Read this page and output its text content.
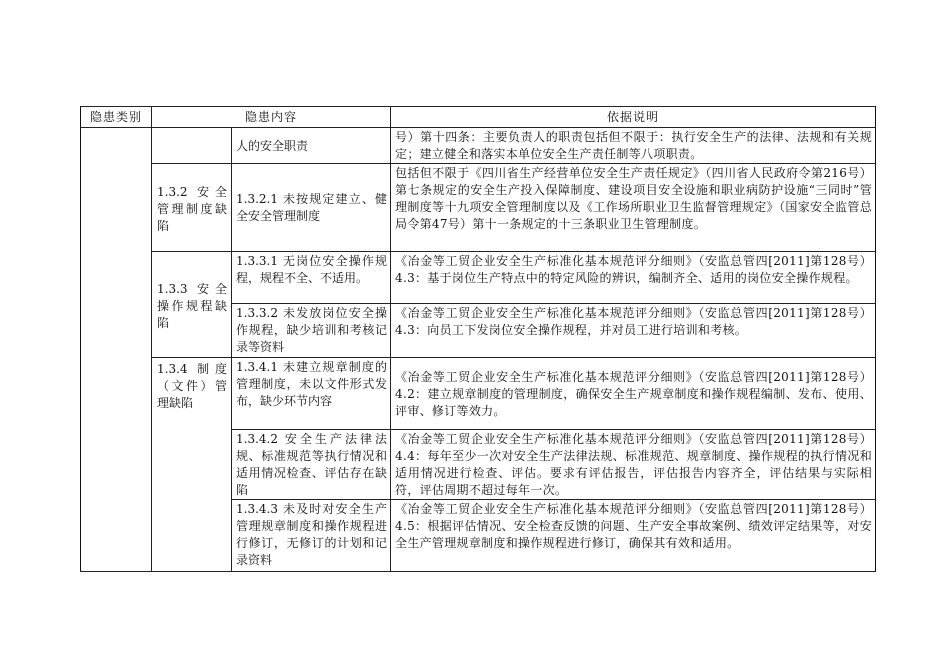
隐患类别	隐患内容		依据说明
		人的安全职责	号）第十四条：主要负责人的职责包括但不限于：执行安全生产的法律、法规和有关规定；建立健全和落实本单位安全生产责任制等八项职责。
	1.3.2 安全管理制度缺陷	1.3.2.1 未按规定建立、健全安全管理制度	包括但不限于《四川省生产经营单位安全生产责任规定》（四川省人民政府令第216号）第七条规定的安全生产投入保障制度、建设项目安全设施和职业病防护设施“三同时”管理制度等十九项安全管理制度以及《工作场所职业卫生监督管理规定》（国家安全监管总局令第47号）第十一条规定的十三条职业卫生管理制度。
	1.3.3 安全操作规程缺陷	1.3.3.1 无岗位安全操作规程，规程不全、不适用。	《冶金等工贸企业安全生产标准化基本规范评分细则》（安监总管四[2011]第128号）4.3：基于岗位生产特点中的特定风险的辨识，编制齐全、适用的岗位安全操作规程。
		1.3.3.2 未发放岗位安全操作规程，缺少培训和考核记录等资料	《冶金等工贸企业安全生产标准化基本规范评分细则》（安监总管四[2011]第128号）4.3：向员工下发岗位安全操作规程，并对员工进行培训和考核。
	1.3.4 制度（文件）管理缺陷	1.3.4.1 未建立规章制度的管理制度，未以文件形式发布，缺少环节内容	《冶金等工贸企业安全生产标准化基本规范评分细则》（安监总管四[2011]第128号）4.2：建立规章制度的管理制度，确保安全生产规章制度和操作规程编制、发布、使用、评审、修订等效力。
		1.3.4.2 安全生产法律法规、标准规范等执行情况和适用情况检查、评估存在缺陷	《冶金等工贸企业安全生产标准化基本规范评分细则》（安监总管四[2011]第128号）4.4：每年至少一次对安全生产法律法规、标准规范、规章制度、操作规程的执行情况和适用情况进行检查、评估。要求有评估报告，评估报告内容齐全，评估结果与实际相符，评估周期不超过每年一次。
		1.3.4.3 未及时对安全生产管理规章制度和操作规程进行修订，无修订的计划和记录资料	《冶金等工贸企业安全生产标准化基本规范评分细则》（安监总管四[2011]第128号）4.5：根据评估情况、安全检查反馈的问题、生产安全事故案例、绩效评定结果等，对安全生产管理规章制度和操作规程进行修订，确保其有效和适用。
